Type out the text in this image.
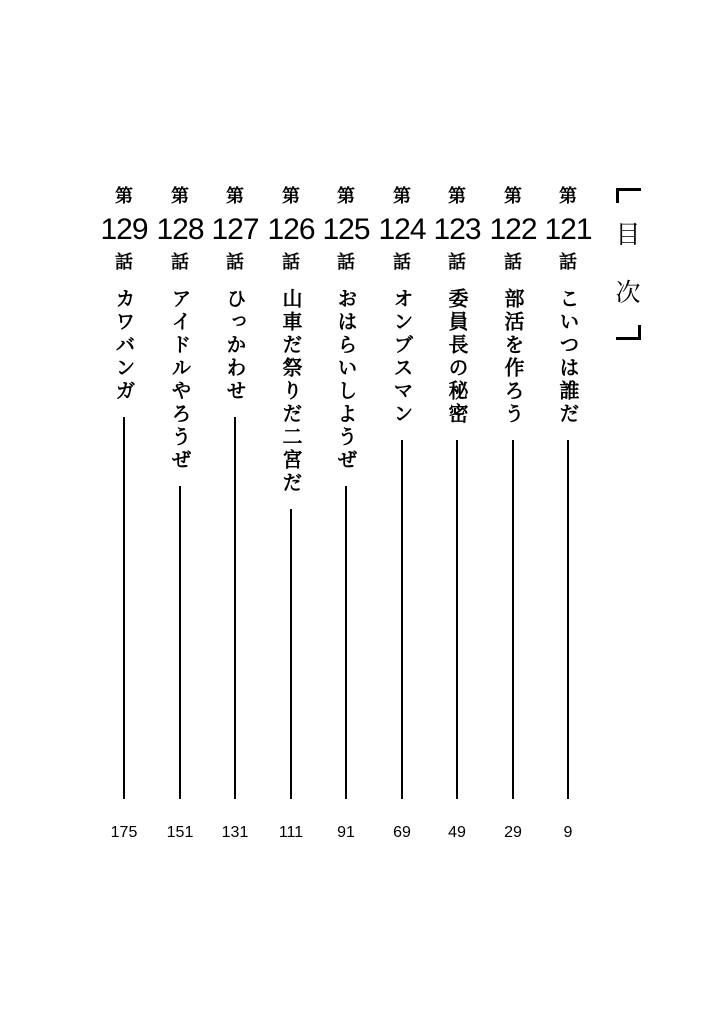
目
次
第
121
話
こいつは誰だ
9
第
122
話
部活を作ろう
29
第
123
話
委員長の秘密
49
第
124
話
オンブスマン
69
第
125
話
おはらいしようぜ
91
第
126
話
山車だ祭りだ二宮だ
111
第
127
話
ひっかわせ
131
第
128
話
アイドルやろうぜ
151
第
129
話
カワバンガ
175
